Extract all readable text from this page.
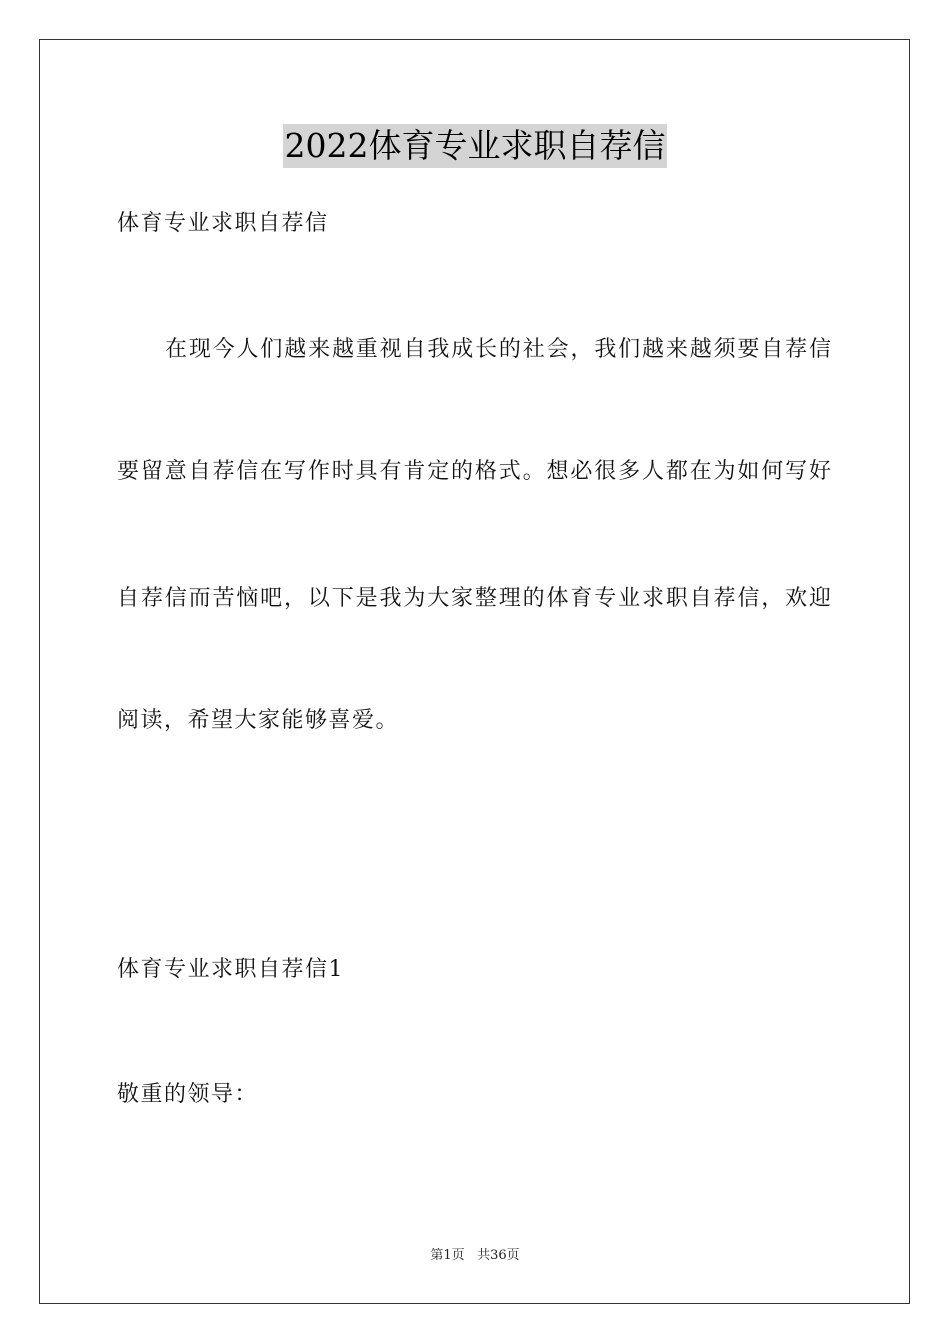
2022体育专业求职自荐信
体育专业求职自荐信
在现今人们越来越重视自我成长的社会，我们越来越须要自荐信
要留意自荐信在写作时具有肯定的格式。想必很多人都在为如何写好
自荐信而苦恼吧，以下是我为大家整理的体育专业求职自荐信，欢迎
阅读，希望大家能够喜爱。
体育专业求职自荐信1
敬重的领导：
第1页 共36页
